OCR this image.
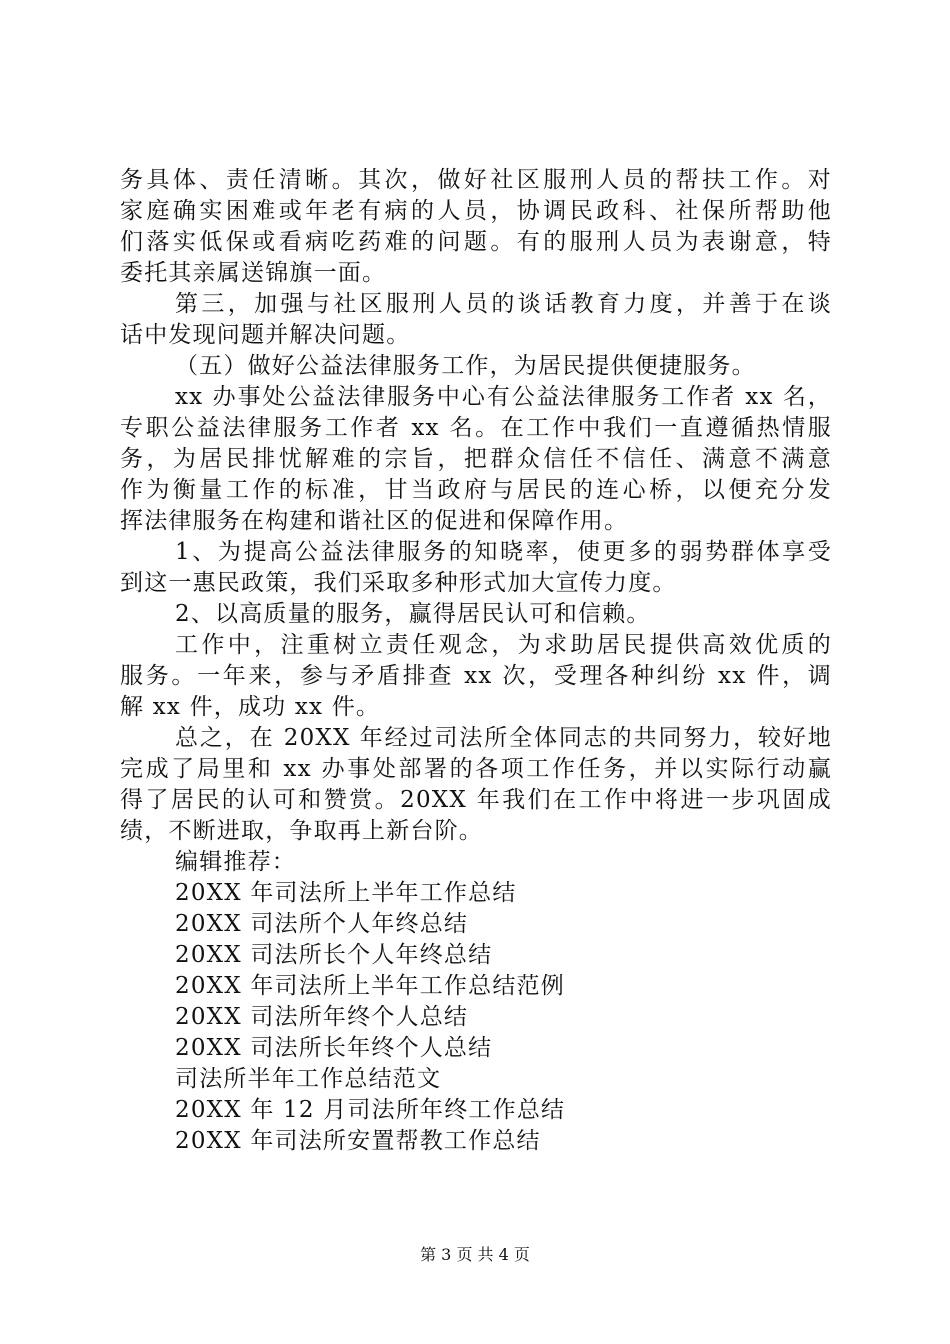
务具体、责任清晰。其次，做好社区服刑人员的帮扶工作。对
家庭确实困难或年老有病的人员，协调民政科、社保所帮助他
们落实低保或看病吃药难的问题。有的服刑人员为表谢意，特
委托其亲属送锦旗一面。
第三，加强与社区服刑人员的谈话教育力度，并善于在谈
话中发现问题并解决问题。
（五）做好公益法律服务工作，为居民提供便捷服务。
xx 办事处公益法律服务中心有公益法律服务工作者 xx 名，
专职公益法律服务工作者 xx 名。在工作中我们一直遵循热情服
务，为居民排忧解难的宗旨，把群众信任不信任、满意不满意
作为衡量工作的标准，甘当政府与居民的连心桥，以便充分发
挥法律服务在构建和谐社区的促进和保障作用。
1、为提高公益法律服务的知晓率，使更多的弱势群体享受
到这一惠民政策，我们采取多种形式加大宣传力度。
2、以高质量的服务，赢得居民认可和信赖。
工作中，注重树立责任观念，为求助居民提供高效优质的
服务。一年来，参与矛盾排查 xx 次，受理各种纠纷 xx 件，调
解 xx 件，成功 xx 件。
总之，在 20XX 年经过司法所全体同志的共同努力，较好地
完成了局里和 xx 办事处部署的各项工作任务，并以实际行动赢
得了居民的认可和赞赏。20XX 年我们在工作中将进一步巩固成
绩，不断进取，争取再上新台阶。
编辑推荐：
20XX 年司法所上半年工作总结
20XX 司法所个人年终总结
20XX 司法所长个人年终总结
20XX 年司法所上半年工作总结范例
20XX 司法所年终个人总结
20XX 司法所长年终个人总结
司法所半年工作总结范文
20XX 年 12 月司法所年终工作总结
20XX 年司法所安置帮教工作总结
第 3 页 共 4 页
